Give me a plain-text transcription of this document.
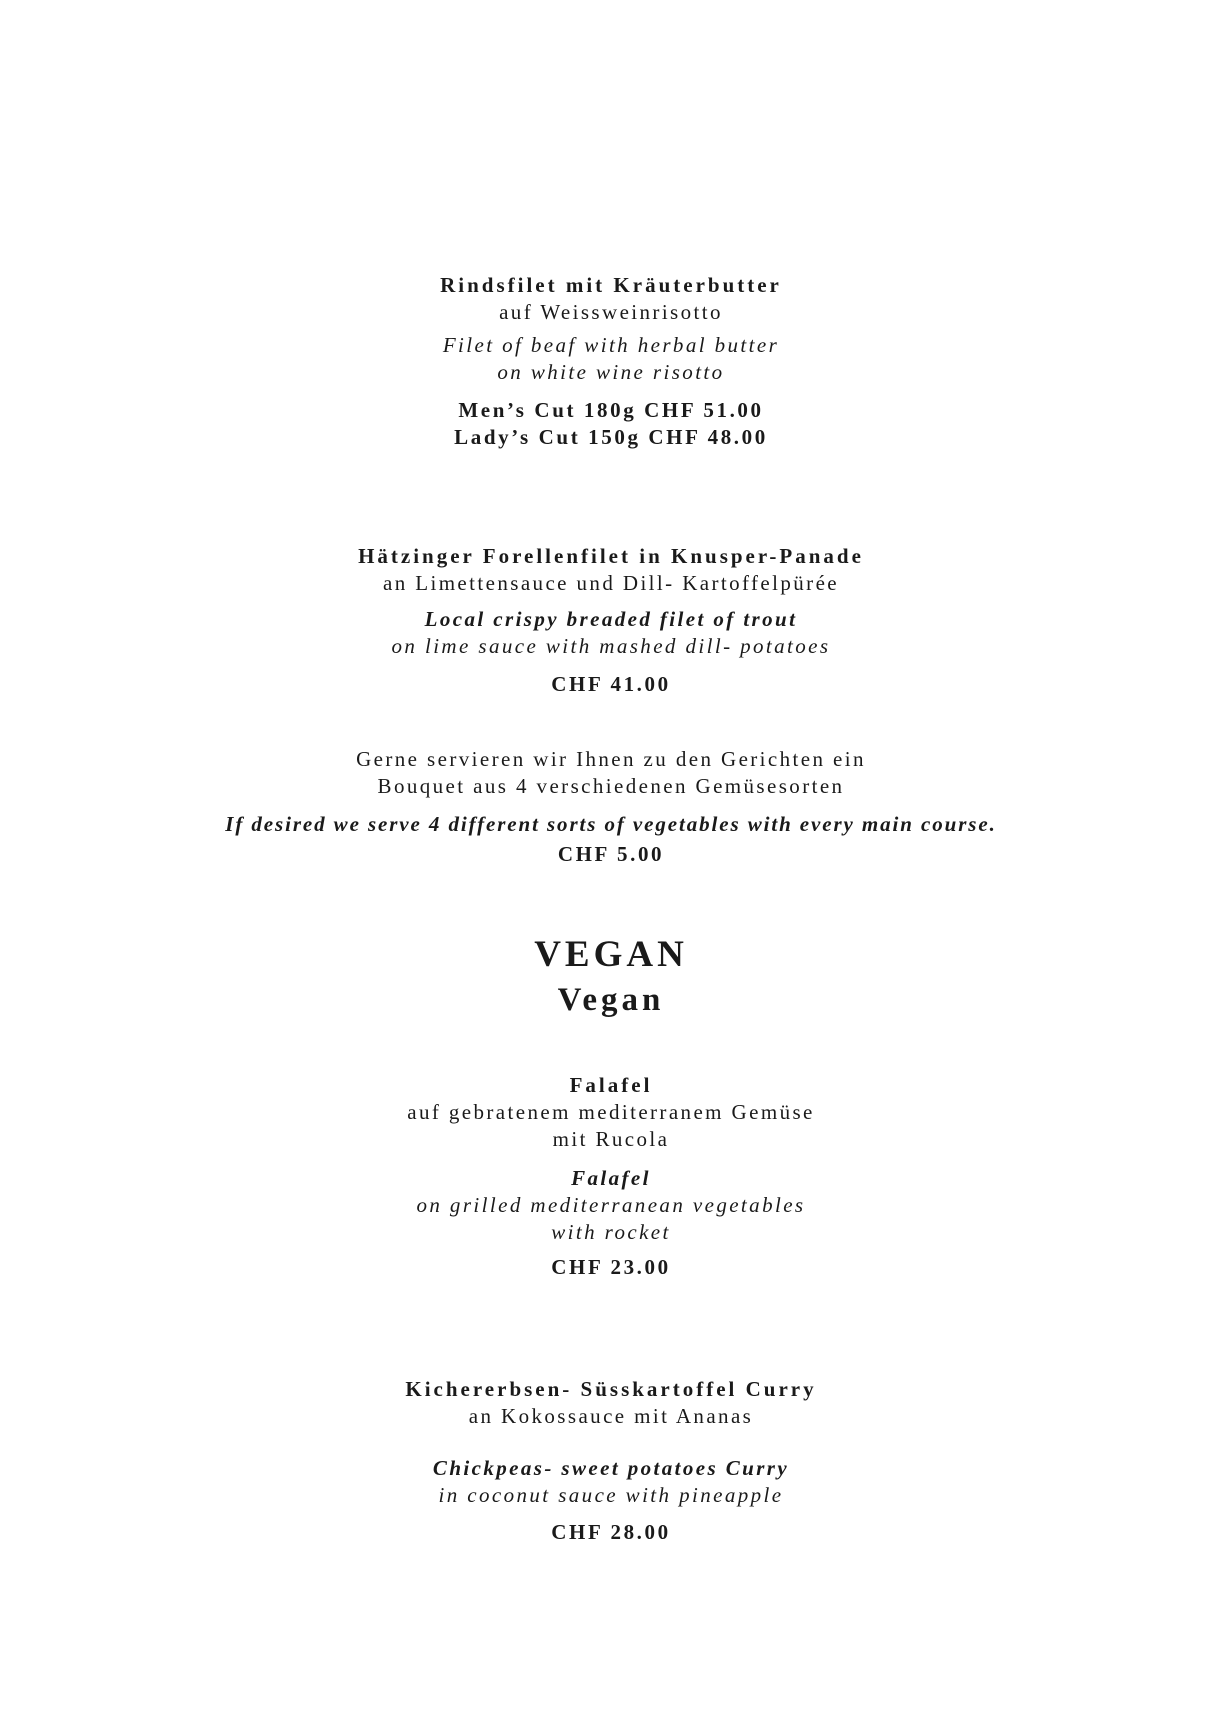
Rindsfilet mit Kräuterbutter

auf Weissweinrisotto

Filet of beaf with herbal butter

on white wine risotto

Men’s Cut 180g CHF 51.00

Lady’s Cut 150g CHF 48.00

Hätzinger Forellenfilet in Knusper-Panade

an Limettensauce und Dill- Kartoffelpürée

Local crispy breaded filet of trout

on lime sauce with mashed dill- potatoes

CHF 41.00

Gerne servieren wir Ihnen zu den Gerichten ein

Bouquet aus 4 verschiedenen Gemüsesorten

If desired we serve 4 different sorts of vegetables with every main course.

CHF 5.00

VEGAN

Vegan

Falafel

auf gebratenem mediterranem Gemüse

mit Rucola

Falafel

on grilled mediterranean vegetables

with rocket

CHF 23.00

Kichererbsen- Süsskartoffel Curry

an Kokossauce mit Ananas

Chickpeas- sweet potatoes Curry

in coconut sauce with pineapple

CHF 28.00
